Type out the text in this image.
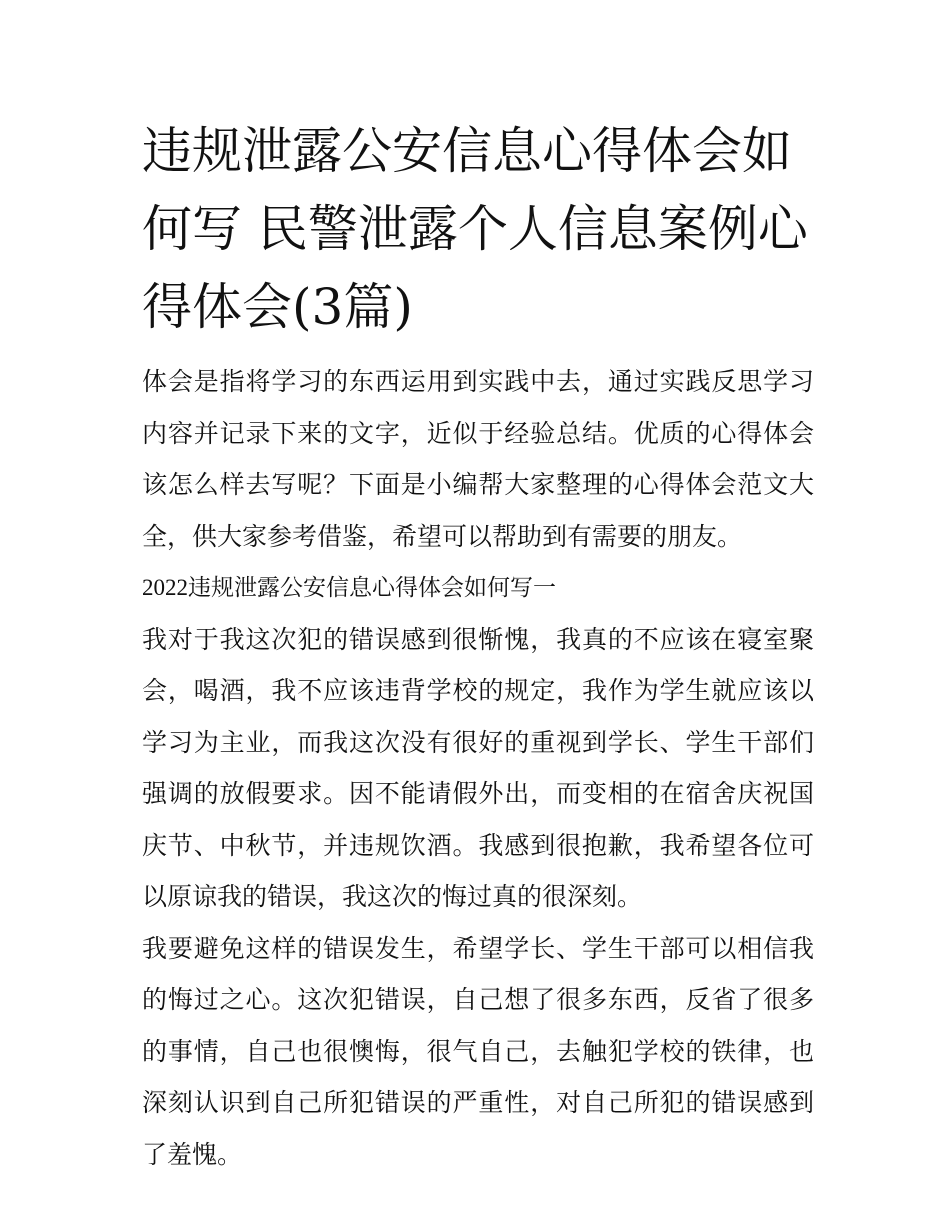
违规泄露公安信息心得体会如何写 民警泄露个人信息案例心得体会(3篇)

体会是指将学习的东西运用到实践中去，通过实践反思学习内容并记录下来的文字，近似于经验总结。优质的心得体会该怎么样去写呢？下面是小编帮大家整理的心得体会范文大全，供大家参考借鉴，希望可以帮助到有需要的朋友。

2022违规泄露公安信息心得体会如何写一

我对于我这次犯的错误感到很惭愧，我真的不应该在寝室聚会，喝酒，我不应该违背学校的规定，我作为学生就应该以学习为主业，而我这次没有很好的重视到学长、学生干部们强调的放假要求。因不能请假外出，而变相的在宿舍庆祝国庆节、中秋节，并违规饮酒。我感到很抱歉，我希望各位可以原谅我的错误，我这次的悔过真的很深刻。

我要避免这样的错误发生，希望学长、学生干部可以相信我的悔过之心。这次犯错误，自己想了很多东西，反省了很多的事情，自己也很懊悔，很气自己，去触犯学校的铁律，也深刻认识到自己所犯错误的严重性，对自己所犯的错误感到了羞愧。
